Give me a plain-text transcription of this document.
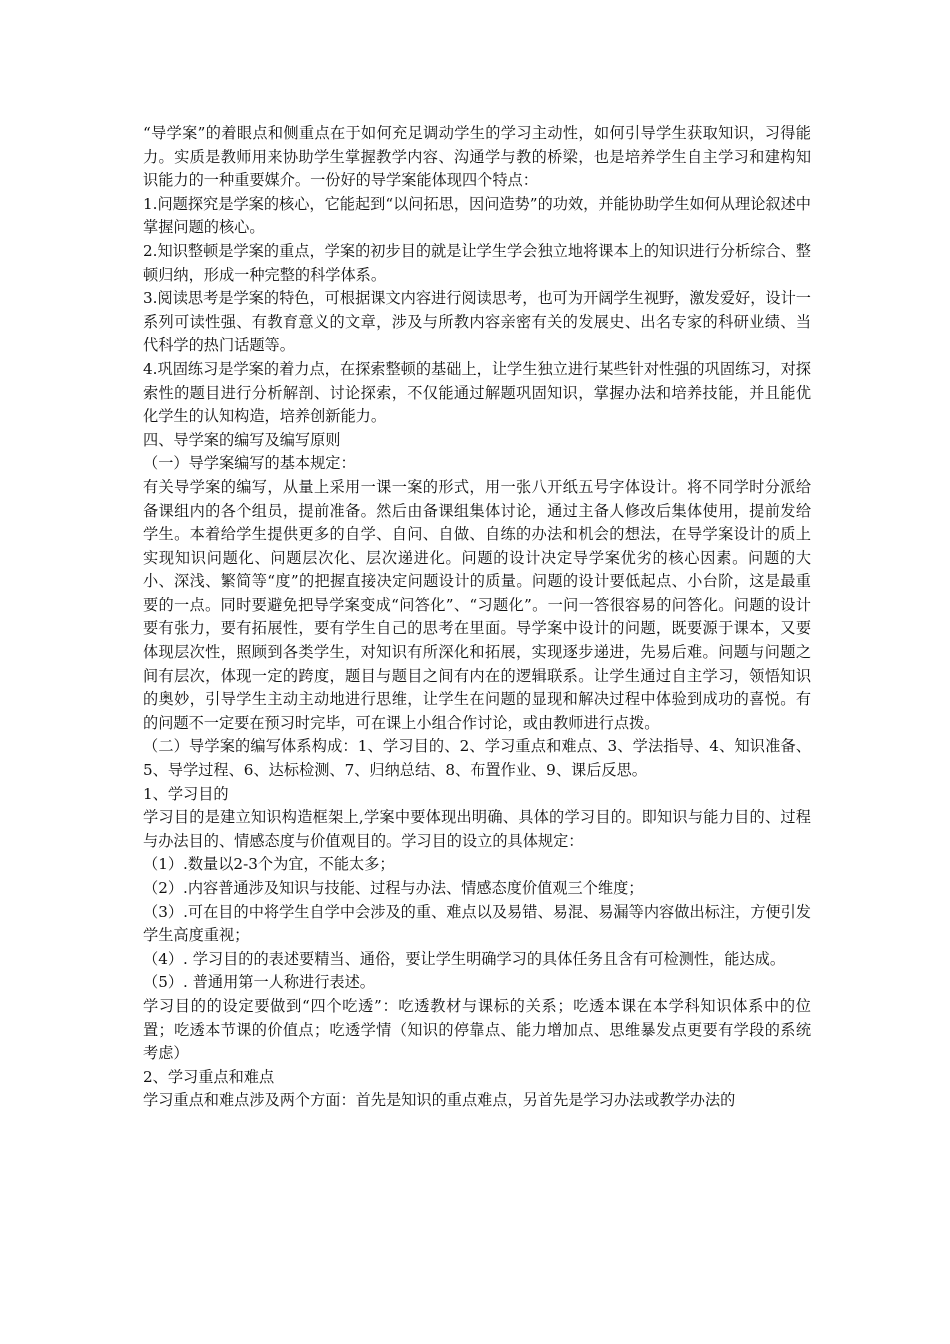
“导学案”的着眼点和侧重点在于如何充足调动学生的学习主动性，如何引导学生获取知识，习得能力。实质是教师用来协助学生掌握教学内容、沟通学与教的桥梁，也是培养学生自主学习和建构知识能力的一种重要媒介。一份好的导学案能体现四个特点：

1.问题探究是学案的核心，它能起到“以问拓思，因问造势”的功效，并能协助学生如何从理论叙述中掌握问题的核心。

2.知识整顿是学案的重点，学案的初步目的就是让学生学会独立地将课本上的知识进行分析综合、整顿归纳，形成一种完整的科学体系。

3.阅读思考是学案的特色，可根据课文内容进行阅读思考，也可为开阔学生视野，激发爱好，设计一系列可读性强、有教育意义的文章，涉及与所教内容亲密有关的发展史、出名专家的科研业绩、当代科学的热门话题等。

4.巩固练习是学案的着力点，在探索整顿的基础上，让学生独立进行某些针对性强的巩固练习，对探索性的题目进行分析解剖、讨论探索，不仅能通过解题巩固知识，掌握办法和培养技能，并且能优化学生的认知构造，培养创新能力。

四、导学案的编写及编写原则

（一）导学案编写的基本规定：

有关导学案的编写，从量上采用一课一案的形式，用一张八开纸五号字体设计。将不同学时分派给备课组内的各个组员，提前准备。然后由备课组集体讨论，通过主备人修改后集体使用，提前发给学生。本着给学生提供更多的自学、自问、自做、自练的办法和机会的想法，在导学案设计的质上实现知识问题化、问题层次化、层次递进化。问题的设计决定导学案优劣的核心因素。问题的大小、深浅、繁简等“度”的把握直接决定问题设计的质量。问题的设计要低起点、小台阶，这是最重要的一点。同时要避免把导学案变成“问答化”、“习题化”。一问一答很容易的问答化。问题的设计要有张力，要有拓展性，要有学生自己的思考在里面。导学案中设计的问题，既要源于课本，又要体现层次性，照顾到各类学生，对知识有所深化和拓展，实现逐步递进，先易后难。问题与问题之间有层次，体现一定的跨度，题目与题目之间有内在的逻辑联系。让学生通过自主学习，领悟知识的奥妙，引导学生主动主动地进行思维，让学生在问题的显现和解决过程中体验到成功的喜悦。有的问题不一定要在预习时完毕，可在课上小组合作讨论，或由教师进行点拨。

（二）导学案的编写体系构成：1、学习目的、2、学习重点和难点、3、学法指导、4、知识准备、5、导学过程、6、达标检测、7、归纳总结、8、布置作业、9、课后反思。

1、学习目的

学习目的是建立知识构造框架上,学案中要体现出明确、具体的学习目的。即知识与能力目的、过程与办法目的、情感态度与价值观目的。学习目的设立的具体规定：

（1）.数量以2-3个为宜，不能太多；

（2）.内容普通涉及知识与技能、过程与办法、情感态度价值观三个维度；

（3）.可在目的中将学生自学中会涉及的重、难点以及易错、易混、易漏等内容做出标注，方便引发学生高度重视；

（4）. 学习目的的表述要精当、通俗，要让学生明确学习的具体任务且含有可检测性，能达成。

（5）. 普通用第一人称进行表述。

学习目的的设定要做到“四个吃透”：吃透教材与课标的关系；吃透本课在本学科知识体系中的位置；吃透本节课的价值点；吃透学情（知识的停靠点、能力增加点、思维暴发点更要有学段的系统考虑）

2、学习重点和难点

学习重点和难点涉及两个方面：首先是知识的重点难点，另首先是学习办法或教学办法的
